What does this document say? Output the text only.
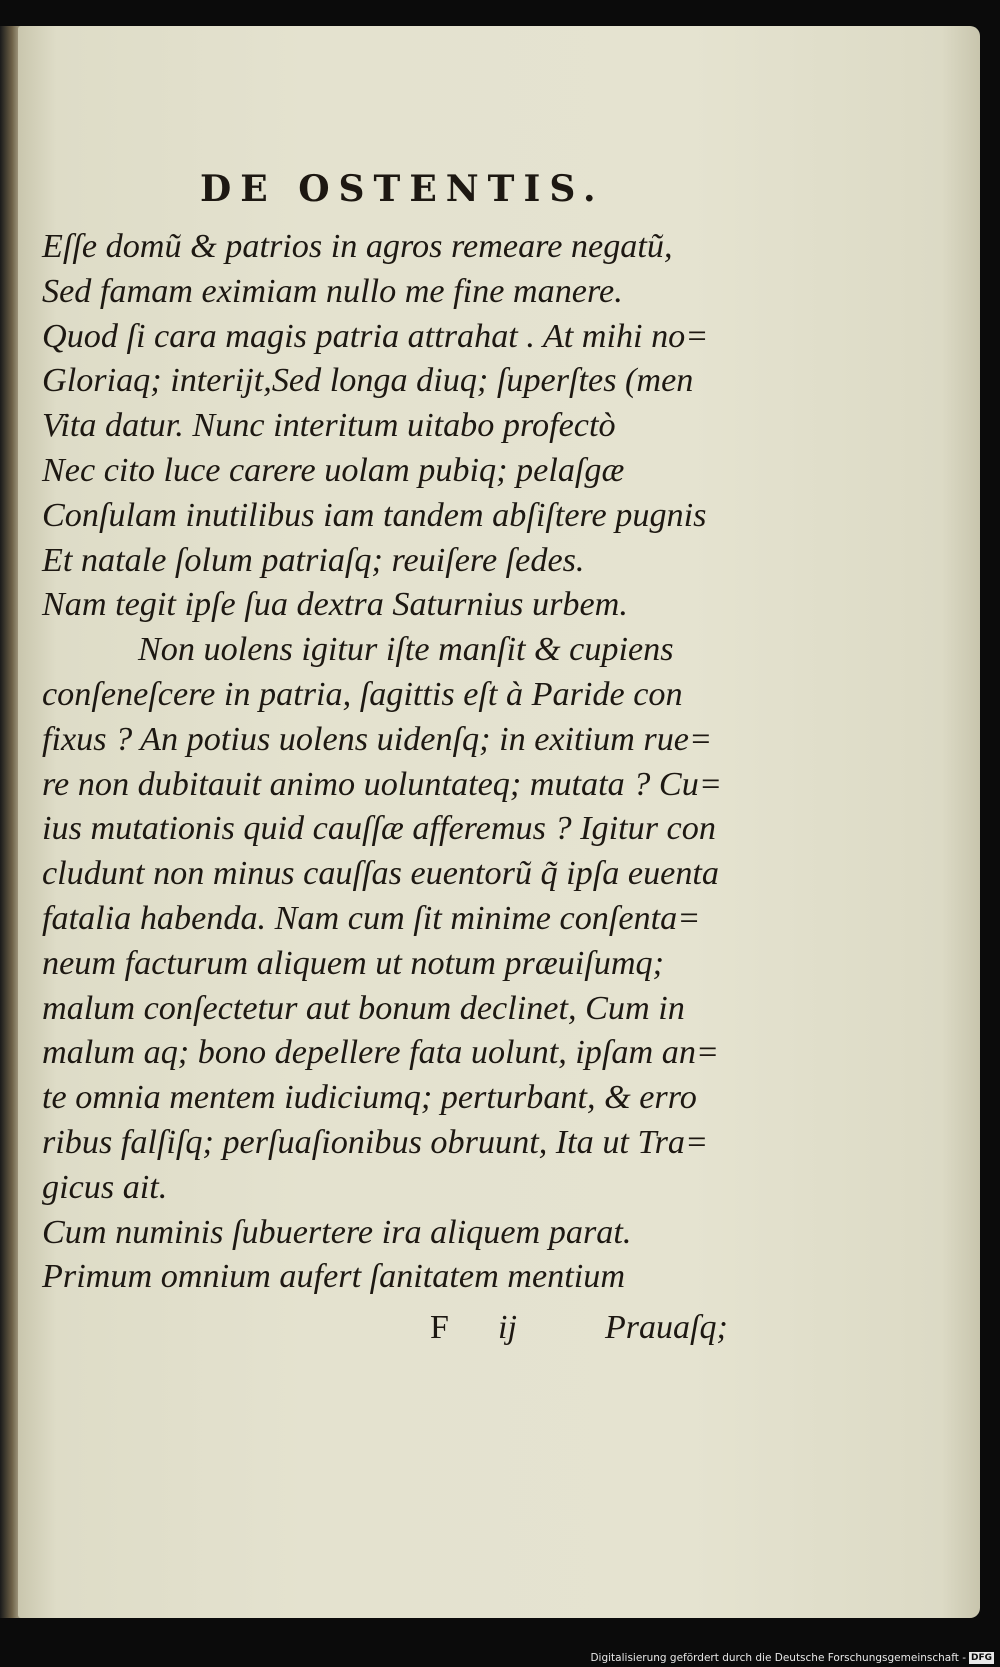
DE OSTENTIS.
Eſſe domũ & patrios in agros remeare negatũ,
Sed famam eximiam nullo me fine manere.
Quod ſi cara magis patria attrahat . At mihi no=
Gloriaq; interijt,Sed longa diuq; ſuperſtes (men
Vita datur. Nunc interitum uitabo profectò
Nec cito luce carere uolam pubiq; pelaſgæ
Conſulam inutilibus iam tandem abſiſtere pugnis
Et natale ſolum patriaſq; reuiſere ſedes.
Nam tegit ipſe ſua dextra Saturnius urbem.
Non uolens igitur iſte manſit & cupiens
conſeneſcere in patria, ſagittis eſt à Paride con
fixus ? An potius uolens uidenſq; in exitium rue=
re non dubitauit animo uoluntateq; mutata ? Cu=
ius mutationis quid cauſſæ afferemus ? Igitur con
cludunt non minus cauſſas euentorũ q̃ ipſa euenta
fatalia habenda. Nam cum ſit minime conſenta=
neum facturum aliquem ut notum præuiſumq;
malum conſectetur aut bonum declinet, Cum in
malum aq; bono depellere fata uolunt, ipſam an=
te omnia mentem iudiciumq; perturbant, & erro
ribus falſiſq; perſuaſionibus obruunt, Ita ut Tra=
gicus ait.
Cum numinis ſubuertere ira aliquem parat.
Primum omnium aufert ſanitatem mentium
F ij	Prauaſq;
Digitalisierung gefördert durch die Deutsche Forschungsgemeinschaft - DFG
